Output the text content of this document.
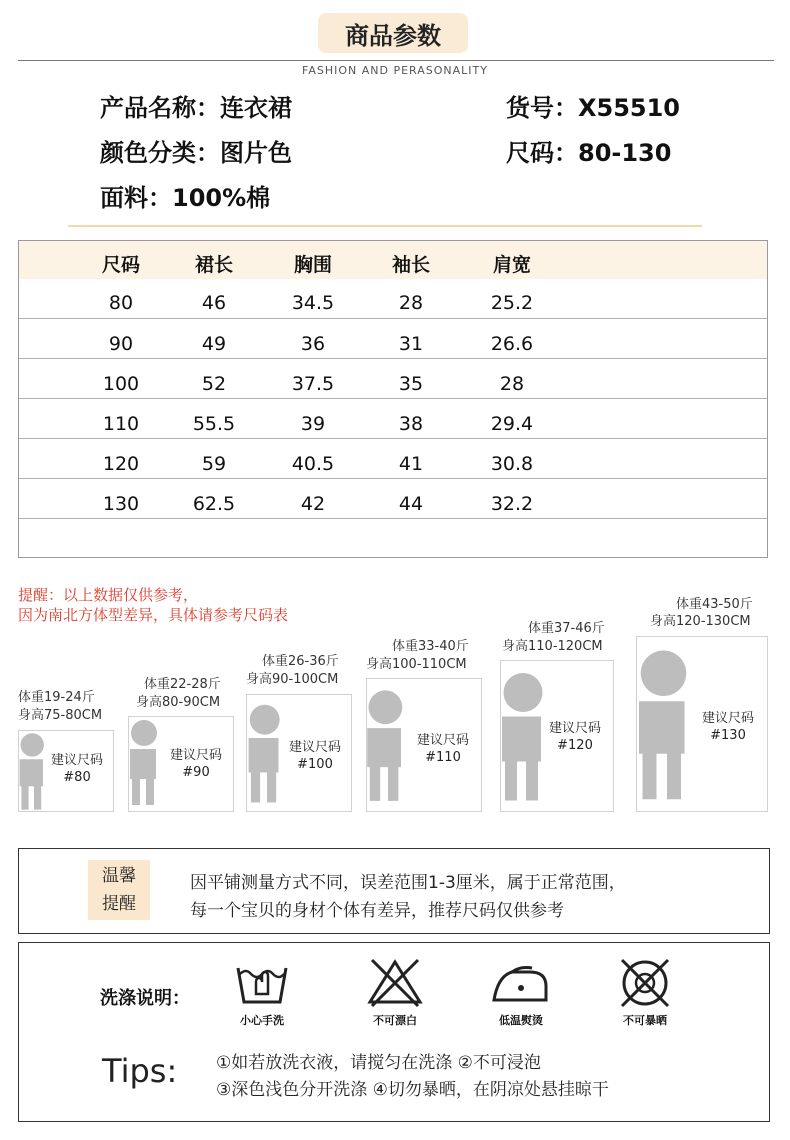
商品参数
FASHION AND PERASONALITY
产品名称：连衣裙	货号：X55510
颜色分类：图片色	尺码：80-130
面料：100%棉
尺码	裙长	胸围	袖长	肩宽
80	46	34.5	28	25.2
90	49	36	31	26.6
100	52	37.5	35	28
110	55.5	39	38	29.4
120	59	40.5	41	30.8
130	62.5	42	44	32.2
提醒：以上数据仅供参考，
因为南北方体型差异，具体请参考尺码表
体重19-24斤
身高75-80CM
建议尺码
#80
体重22-28斤
身高80-90CM
建议尺码
#90
体重26-36斤
身高90-100CM
建议尺码
#100
体重33-40斤
身高100-110CM
建议尺码
#110
体重37-46斤
身高110-120CM
建议尺码
#120
体重43-50斤
身高120-130CM
建议尺码
#130
温馨
提醒
因平铺测量方式不同，误差范围1-3厘米，属于正常范围，
每一个宝贝的身材个体有差异，推荐尺码仅供参考
洗涤说明：
小心手洗	不可漂白	低温熨烫	不可暴晒
Tips: ①如若放洗衣液，请搅匀在洗涤 ②不可浸泡
③深色浅色分开洗涤 ④切勿暴晒，在阴凉处悬挂晾干
